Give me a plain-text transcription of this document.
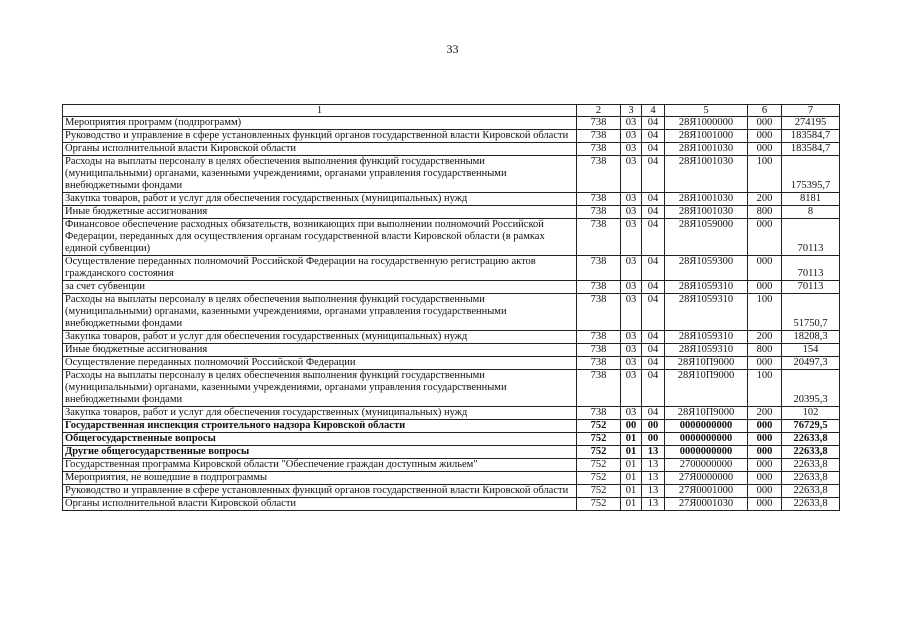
33
1	2	3	4	5	6	7
Мероприятия программ (подпрограмм)	738	03	04	28Я1000000	000	274195
Руководство и управление в сфере установленных функций органов государственной власти Кировской области	738	03	04	28Я1001000	000	183584,7
Органы исполнительной власти Кировской области	738	03	04	28Я1001030	000	183584,7
Расходы на выплаты персоналу в целях обеспечения выполнения функций государственными (муниципальными) органами, казенными учреждениями, органами управления государственными внебюджетными фондами	738	03	04	28Я1001030	100	175395,7
Закупка товаров, работ и услуг для обеспечения государственных (муниципальных) нужд	738	03	04	28Я1001030	200	8181
Иные бюджетные ассигнования	738	03	04	28Я1001030	800	8
Финансовое обеспечение расходных обязательств, возникающих при выполнении полномочий Российской Федерации, переданных для осуществления органам государственной власти Кировской области (в рамках единой субвенции)	738	03	04	28Я1059000	000	70113
Осуществление переданных полномочий Российской Федерации на государственную регистрацию актов гражданского состояния	738	03	04	28Я1059300	000	70113
за счет субвенции	738	03	04	28Я1059310	000	70113
Расходы на выплаты персоналу в целях обеспечения выполнения функций государственными (муниципальными) органами, казенными учреждениями, органами управления государственными внебюджетными фондами	738	03	04	28Я1059310	100	51750,7
Закупка товаров, работ и услуг для обеспечения государственных (муниципальных) нужд	738	03	04	28Я1059310	200	18208,3
Иные бюджетные ассигнования	738	03	04	28Я1059310	800	154
Осуществление переданных полномочий Российской Федерации	738	03	04	28Я10П9000	000	20497,3
Расходы на выплаты персоналу в целях обеспечения выполнения функций государственными (муниципальными) органами, казенными учреждениями, органами управления государственными внебюджетными фондами	738	03	04	28Я10П9000	100	20395,3
Закупка товаров, работ и услуг для обеспечения государственных (муниципальных) нужд	738	03	04	28Я10П9000	200	102
Государственная инспекция строительного надзора Кировской области	752	00	00	0000000000	000	76729,5
Общегосударственные вопросы	752	01	00	0000000000	000	22633,8
Другие общегосударственные вопросы	752	01	13	0000000000	000	22633,8
Государственная программа Кировской области "Обеспечение граждан доступным жильем"	752	01	13	2700000000	000	22633,8
Мероприятия, не вошедшие в подпрограммы	752	01	13	27Я0000000	000	22633,8
Руководство и управление в сфере установленных функций органов государственной власти Кировской области	752	01	13	27Я0001000	000	22633,8
Органы исполнительной власти Кировской области	752	01	13	27Я0001030	000	22633,8
